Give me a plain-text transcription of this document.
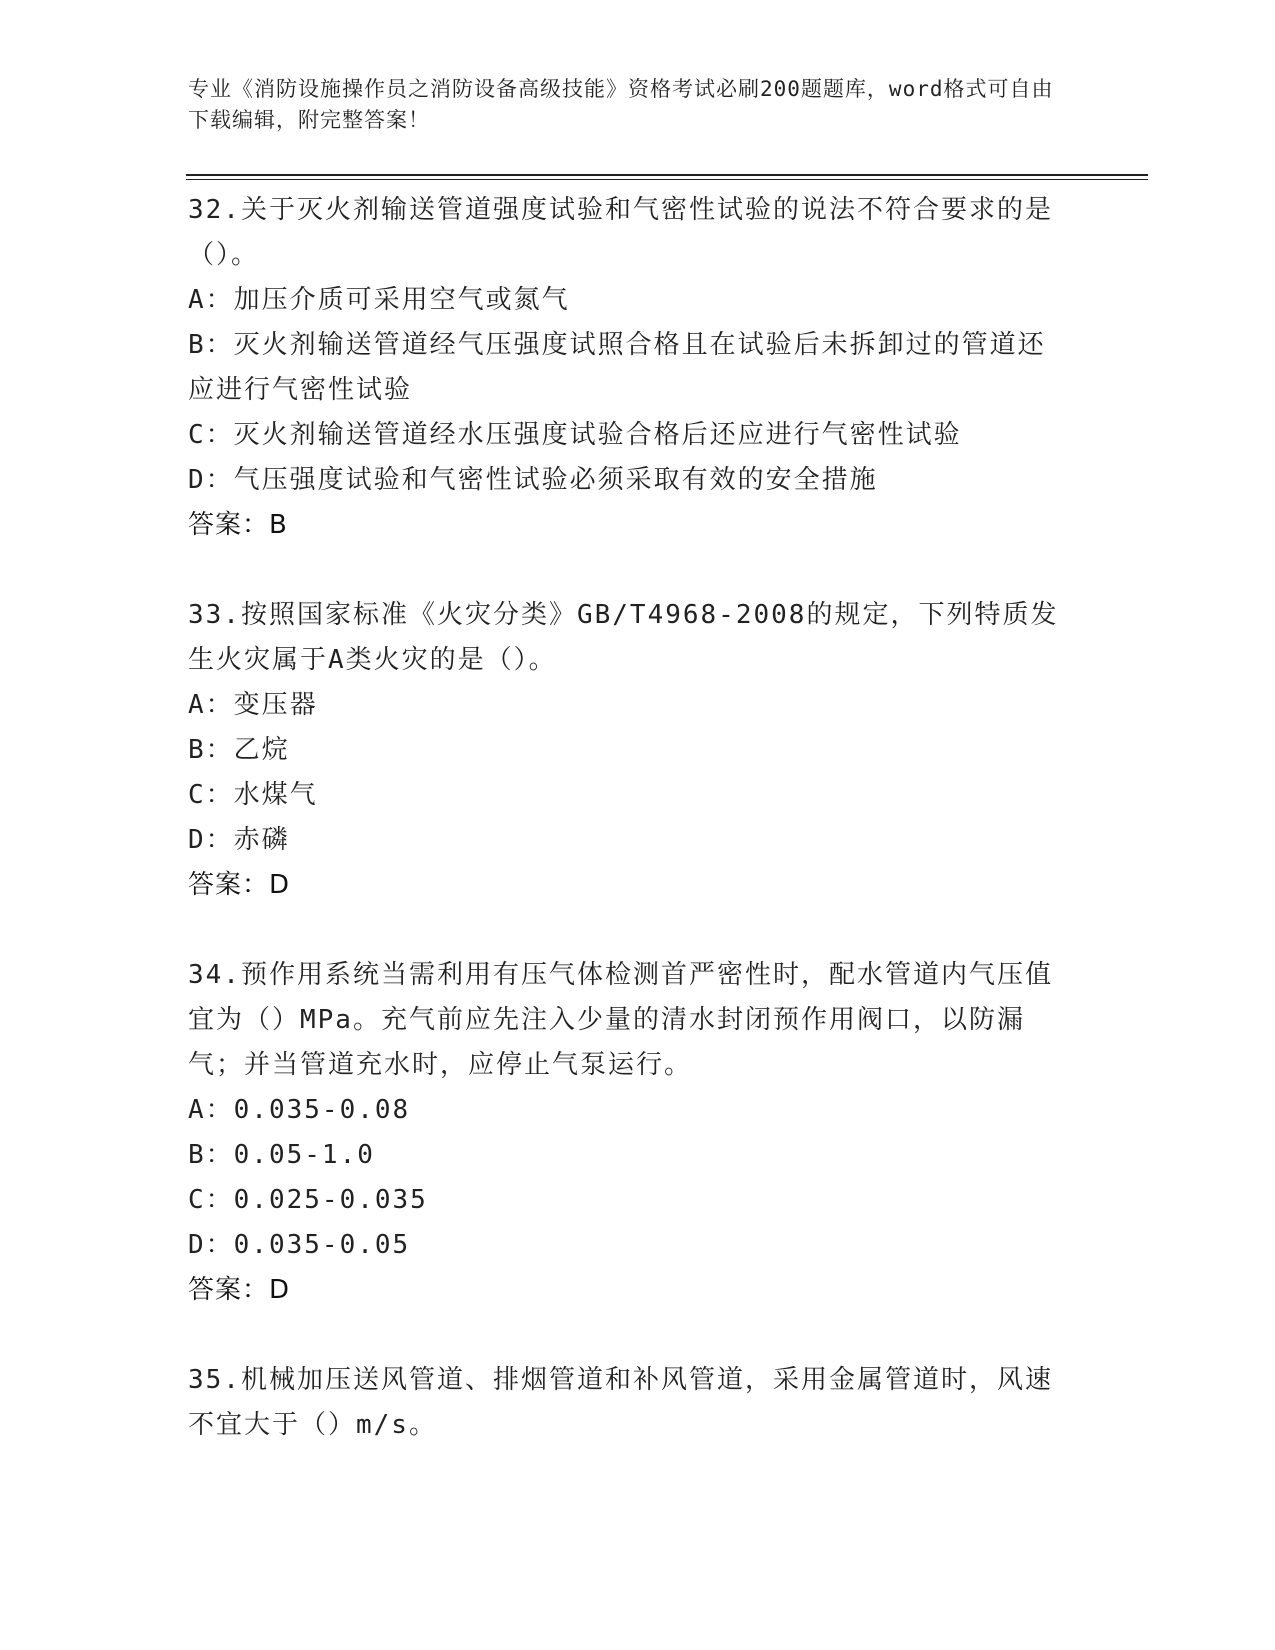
专业《消防设施操作员之消防设备高级技能》资格考试必刷200题题库，word格式可自由下载编辑，附完整答案！

32.关于灭火剂输送管道强度试验和气密性试验的说法不符合要求的是（）。

A：加压介质可采用空气或氮气

B：灭火剂输送管道经气压强度试照合格且在试验后未拆卸过的管道还应进行气密性试验

C：灭火剂输送管道经水压强度试验合格后还应进行气密性试验

D：气压强度试验和气密性试验必须采取有效的安全措施

答案：B

33.按照国家标准《火灾分类》GB/T4968-2008的规定，下列特质发生火灾属于A类火灾的是（）。

A：变压器

B：乙烷

C：水煤气

D：赤磷

答案：D

34.预作用系统当需利用有压气体检测首严密性时，配水管道内气压值宜为（）MPa。充气前应先注入少量的清水封闭预作用阀口，以防漏气；并当管道充水时，应停止气泵运行。

A：0.035-0.08

B：0.05-1.0

C：0.025-0.035

D：0.035-0.05

答案：D

35.机械加压送风管道、排烟管道和补风管道，采用金属管道时，风速不宜大于（）m/s。
